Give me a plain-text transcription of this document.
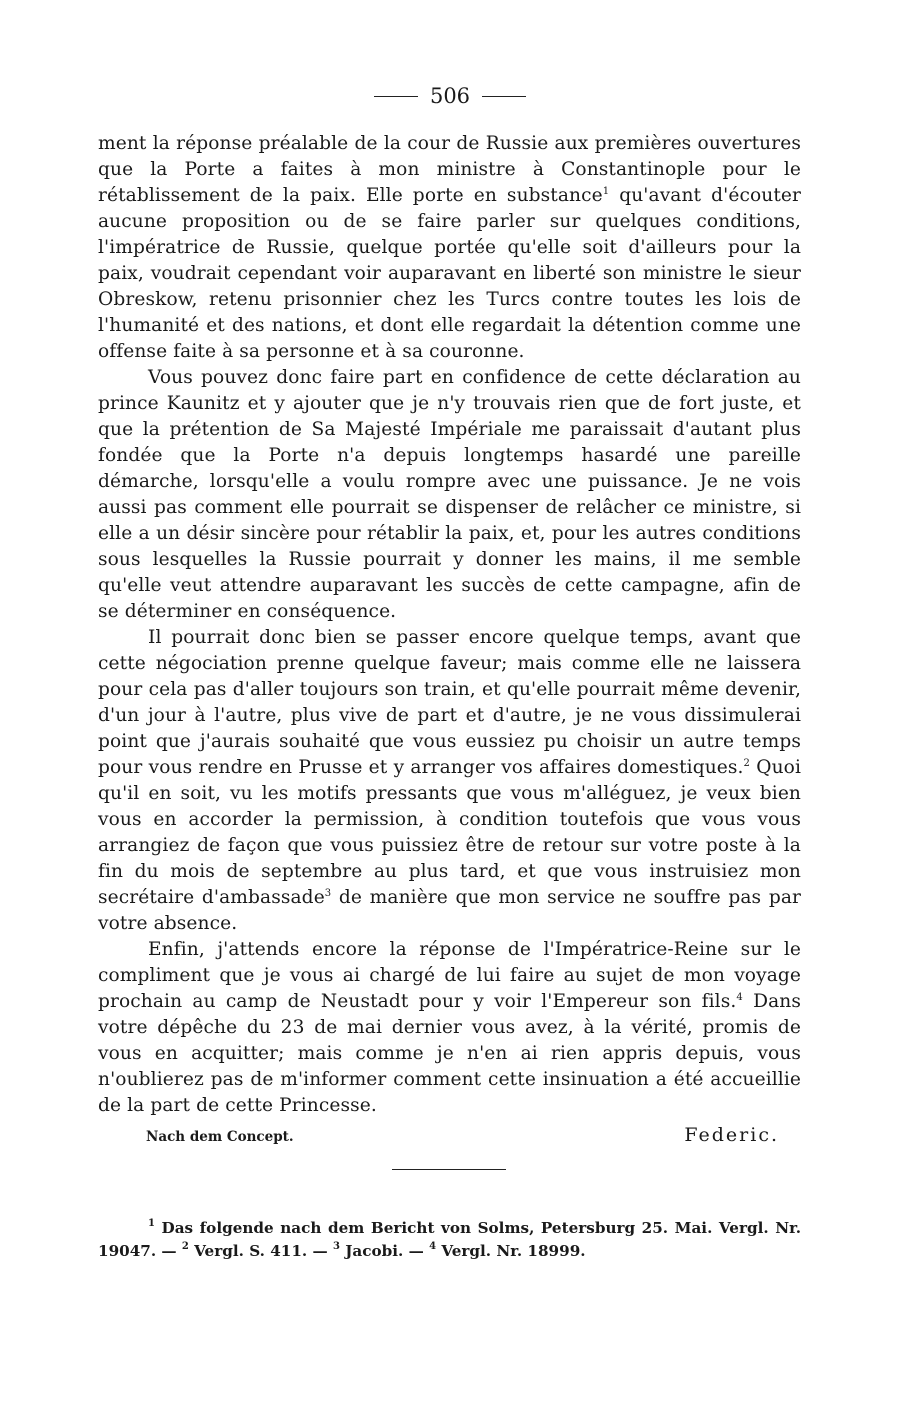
506

ment la réponse préalable de la cour de Russie aux premières ouvertures que la Porte a faites à mon ministre à Constantinople pour le rétablissement de la paix. Elle porte en substance$^1$ qu'avant d'écouter aucune proposition ou de se faire parler sur quelques conditions, l'impératrice de Russie, quelque portée qu'elle soit d'ailleurs pour la paix, voudrait cependant voir auparavant en liberté son ministre le sieur Obreskow, retenu prisonnier chez les Turcs contre toutes les lois de l'humanité et des nations, et dont elle regardait la détention comme une offense faite à sa personne et à sa couronne.

Vous pouvez donc faire part en confidence de cette déclaration au prince Kaunitz et y ajouter que je n'y trouvais rien que de fort juste, et que la prétention de Sa Majesté Impériale me paraissait d'autant plus fondée que la Porte n'a depuis longtemps hasardé une pareille démarche, lorsqu'elle a voulu rompre avec une puissance. Je ne vois aussi pas comment elle pourrait se dispenser de relâcher ce ministre, si elle a un désir sincère pour rétablir la paix, et, pour les autres conditions sous lesquelles la Russie pourrait y donner les mains, il me semble qu'elle veut attendre auparavant les succès de cette campagne, afin de se déterminer en conséquence.

Il pourrait donc bien se passer encore quelque temps, avant que cette négociation prenne quelque faveur; mais comme elle ne laissera pour cela pas d'aller toujours son train, et qu'elle pourrait même devenir, d'un jour à l'autre, plus vive de part et d'autre, je ne vous dissimulerai point que j'aurais souhaité que vous eussiez pu choisir un autre temps pour vous rendre en Prusse et y arranger vos affaires domestiques.$^2$ Quoi qu'il en soit, vu les motifs pressants que vous m'alléguez, je veux bien vous en accorder la permission, à condition toutefois que vous vous arrangiez de façon que vous puissiez être de retour sur votre poste à la fin du mois de septembre au plus tard, et que vous instruisiez mon secrétaire d'ambassade$^3$ de manière que mon service ne souffre pas par votre absence.

Enfin, j'attends encore la réponse de l'Impératrice-Reine sur le compliment que je vous ai chargé de lui faire au sujet de mon voyage prochain au camp de Neustadt pour y voir l'Empereur son fils.$^4$ Dans votre dépêche du 23 de mai dernier vous avez, à la vérité, promis de vous en acquitter; mais comme je n'en ai rien appris depuis, vous n'oublierez pas de m'informer comment cette insinuation a été accueillie de la part de cette Princesse.

Nach dem Concept.	Federic.

$^1$ Das folgende nach dem Bericht von Solms, Petersburg 25. Mai. Vergl. Nr. 19047. — $^2$ Vergl. S. 411. — $^3$ Jacobi. — $^4$ Vergl. Nr. 18999.
